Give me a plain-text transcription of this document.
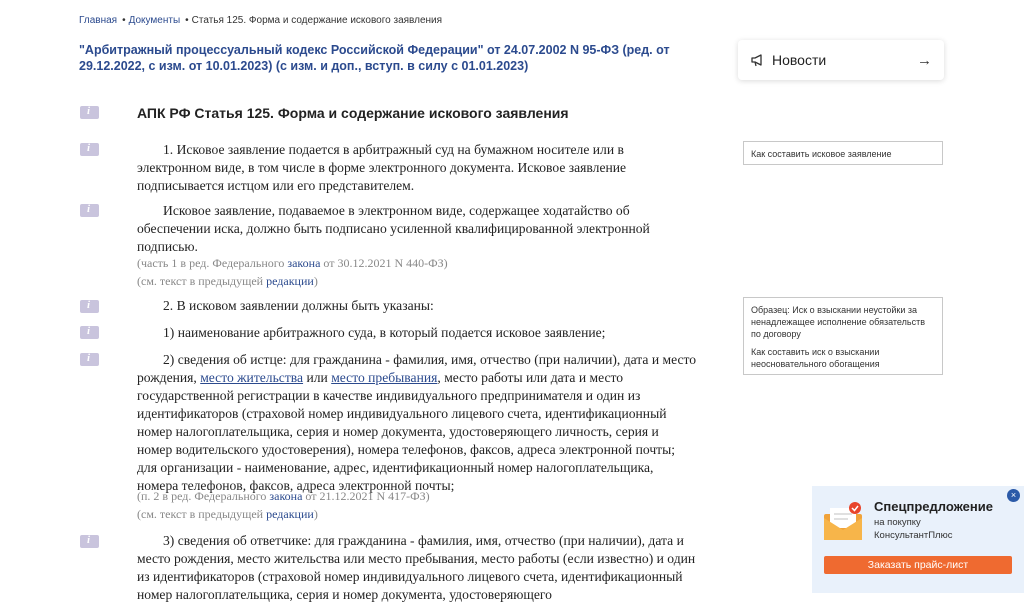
Главная • Документы • Статья 125. Форма и содержание искового заявления
"Арбитражный процессуальный кодекс Российской Федерации" от 24.07.2002 N 95-ФЗ (ред. от 29.12.2022, с изм. от 10.01.2023) (с изм. и доп., вступ. в силу с 01.01.2023)	Новости	→
i
АПК РФ Статья 125. Форма и содержание искового заявления
i
1. Исковое заявление подается в арбитражный суд на бумажном носителе или в электронном виде, в том числе в форме электронного документа. Исковое заявление подписывается истцом или его представителем.
i
Исковое заявление, подаваемое в электронном виде, содержащее ходатайство об обеспечении иска, должно быть подписано усиленной квалифицированной электронной подписью.
(часть 1 в ред. Федерального закона от 30.12.2021 N 440-ФЗ)
(см. текст в предыдущей редакции)
i
2. В исковом заявлении должны быть указаны:
i
1) наименование арбитражного суда, в который подается исковое заявление;
i
2) сведения об истце: для гражданина - фамилия, имя, отчество (при наличии), дата и место рождения, место жительства или место пребывания, место работы или дата и место государственной регистрации в качестве индивидуального предпринимателя и один из идентификаторов (страховой номер индивидуального лицевого счета, идентификационный номер налогоплательщика, серия и номер документа, удостоверяющего личность, серия и номер водительского удостоверения), номера телефонов, факсов, адреса электронной почты; для организации - наименование, адрес, идентификационный номер налогоплательщика, номера телефонов, факсов, адреса электронной почты;
(п. 2 в ред. Федерального закона от 21.12.2021 N 417-ФЗ)
(см. текст в предыдущей редакции)
i
3) сведения об ответчике: для гражданина - фамилия, имя, отчество (при наличии), дата и место рождения, место жительства или место пребывания, место работы (если известно) и один из идентификаторов (страховой номер индивидуального лицевого счета, идентификационный номер налогоплательщика, серия и номер документа, удостоверяющего
Как составить исковое заявление
Образец: Иск о взыскании неустойки за ненадлежащее исполнение обязательств по договору
Как составить иск о взыскании неосновательного обогащения
×
Спецпредложение
на покупку
КонсультантПлюс
Заказать прайс-лист
